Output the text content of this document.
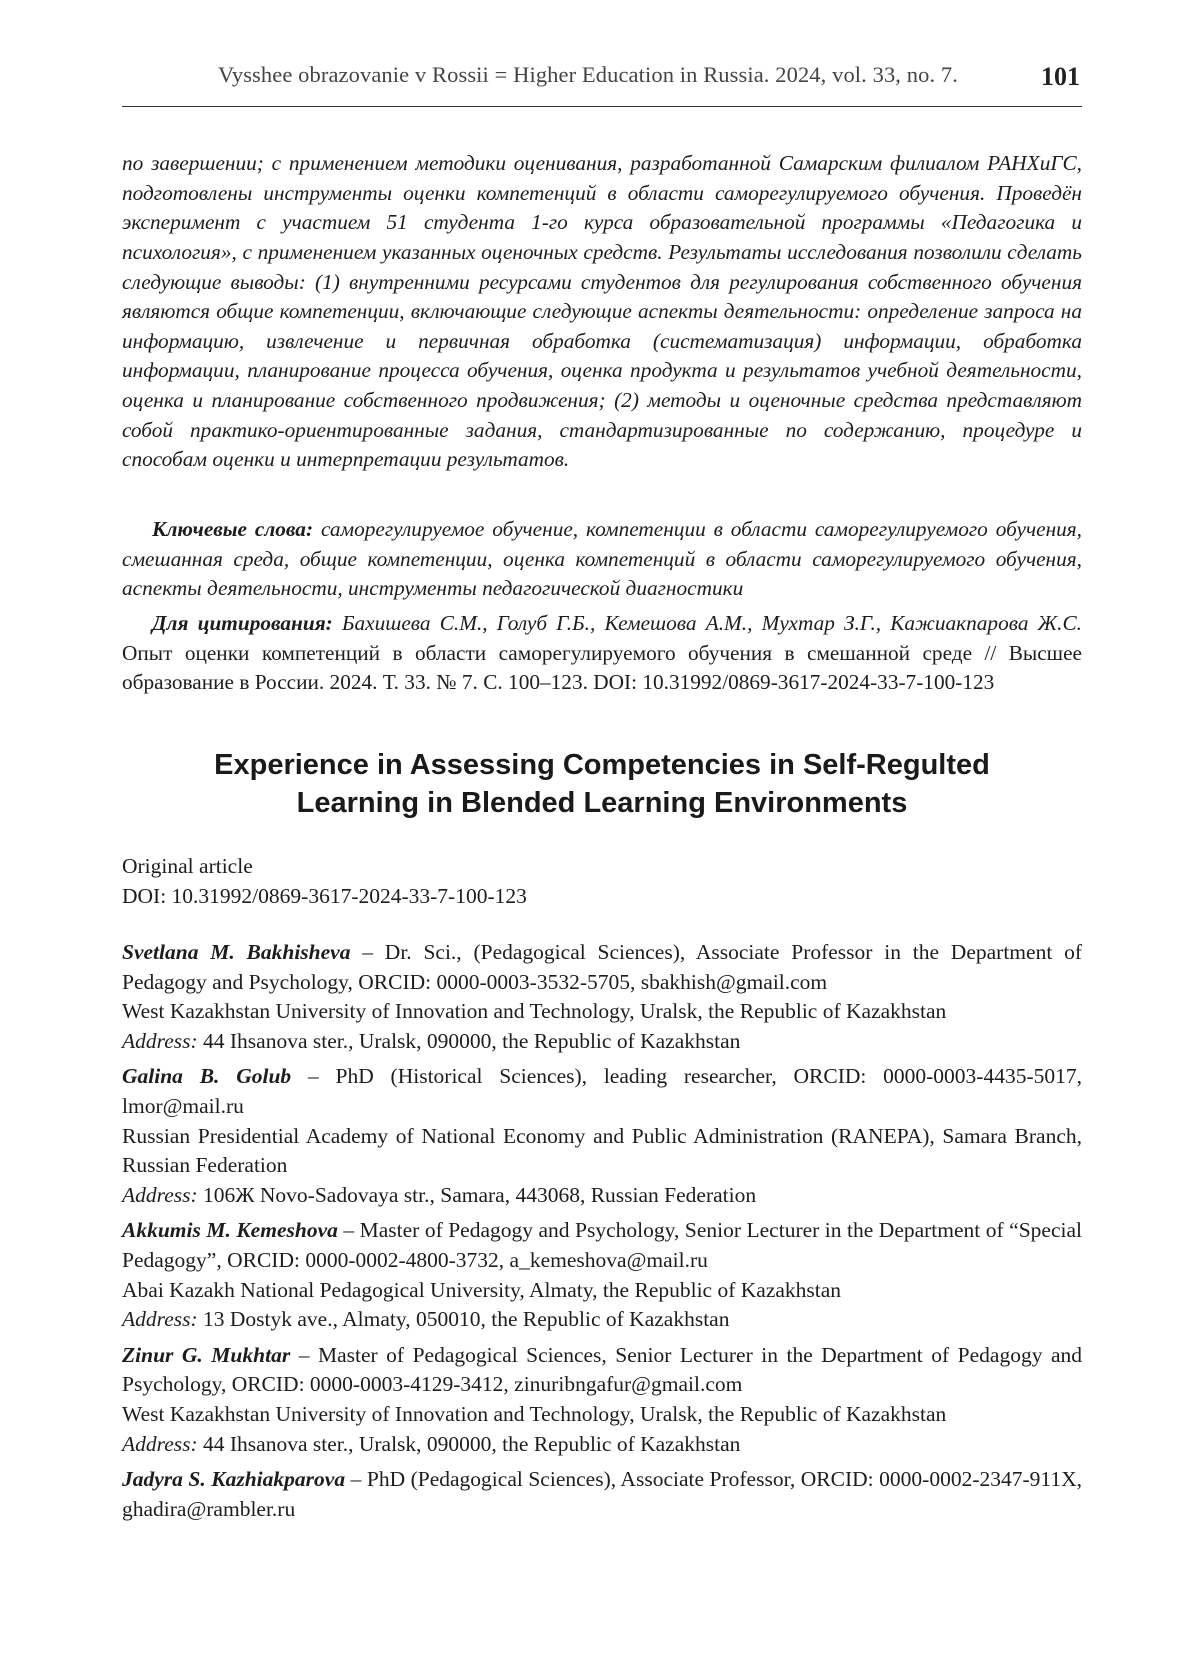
Vysshee obrazovanie v Rossii = Higher Education in Russia. 2024, vol. 33, no. 7.	101

по завершении; с применением методики оценивания, разработанной Самарским филиалом РАНХиГС, подготовлены инструменты оценки компетенций в области саморегулируемого обучения. Проведён эксперимент с участием 51 студента 1-го курса образовательной программы «Педагогика и психология», с применением указанных оценочных средств. Результаты исследования позволили сделать следующие выводы: (1) внутренними ресурсами студентов для регулирования собственного обучения являются общие компетенции, включающие следующие аспекты деятельности: определение запроса на информацию, извлечение и первичная обработка (систематизация) информации, обработка информации, планирование процесса обучения, оценка продукта и результатов учебной деятельности, оценка и планирование собственного продвижения; (2) методы и оценочные средства представляют собой практико-ориентированные задания, стандартизированные по содержанию, процедуре и способам оценки и интерпретации результатов.

Ключевые слова: саморегулируемое обучение, компетенции в области саморегулируемого обучения, смешанная среда, общие компетенции, оценка компетенций в области саморегулируемого обучения, аспекты деятельности, инструменты педагогической диагностики

Для цитирования: Бахишева С.М., Голуб Г.Б., Кемешова А.М., Мухтар З.Г., Кажиакпарова Ж.С. Опыт оценки компетенций в области саморегулируемого обучения в смешанной среде // Высшее образование в России. 2024. Т. 33. № 7. С. 100–123. DOI: 10.31992/0869-3617-2024-33-7-100-123

Experience in Assessing Competencies in Self-Regulted
Learning in Blended Learning Environments
Original article
DOI: 10.31992/0869-3617-2024-33-7-100-123

Svetlana M. Bakhisheva – Dr. Sci., (Pedagogical Sciences), Associate Professor in the Department of Pedagogy and Psychology, ORCID: 0000-0003-3532-5705, sbakhish@gmail.com

West Kazakhstan University of Innovation and Technology, Uralsk, the Republic of Kazakhstan

Address: 44 Ihsanova ster., Uralsk, 090000, the Republic of Kazakhstan

Galina B. Golub – PhD (Historical Sciences), leading researcher, ORCID: 0000-0003-4435-5017, lmor@mail.ru

Russian Presidential Academy of National Economy and Public Administration (RANEPA), Samara Branch, Russian Federation

Address: 106Ж Novo-Sadovaya str., Samara, 443068, Russian Federation

Akkumis M. Kemeshova – Master of Pedagogy and Psychology, Senior Lecturer in the Department of “Special Pedagogy”, ORCID: 0000-0002-4800-3732, a_kemeshova@mail.ru

Abai Kazakh National Pedagogical University, Almaty, the Republic of Kazakhstan

Address: 13 Dostyk ave., Almaty, 050010, the Republic of Kazakhstan

Zinur G. Mukhtar – Master of Pedagogical Sciences, Senior Lecturer in the Department of Pedagogy and Psychology, ORCID: 0000-0003-4129-3412, zinuribngafur@gmail.com

West Kazakhstan University of Innovation and Technology, Uralsk, the Republic of Kazakhstan

Address: 44 Ihsanova ster., Uralsk, 090000, the Republic of Kazakhstan

Jadyra S. Kazhiakparova – PhD (Pedagogical Sciences), Associate Professor, ORCID: 0000-0002-2347-911X, ghadira@rambler.ru
